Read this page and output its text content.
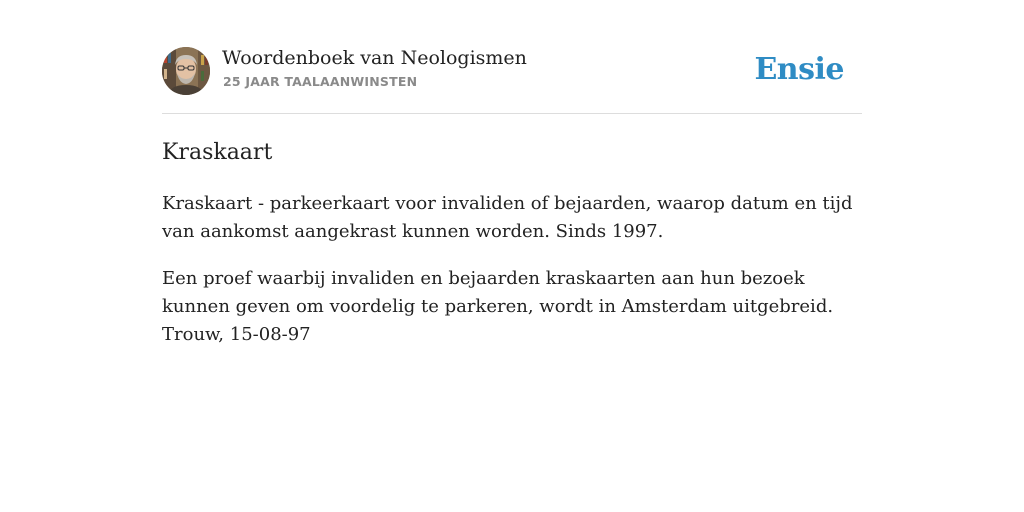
Woordenboek van Neologismen
25 JAAR TAALAANWINSTEN	Ensie
Kraskaart

Kraskaart - parkeerkaart voor invaliden of bejaarden, waarop datum en tijd van aankomst aangekrast kunnen worden. Sinds 1997.

Een proef waarbij invaliden en bejaarden kraskaarten aan hun bezoek kunnen geven om voordelig te parkeren, wordt in Amsterdam uitgebreid. Trouw, 15-08-97
